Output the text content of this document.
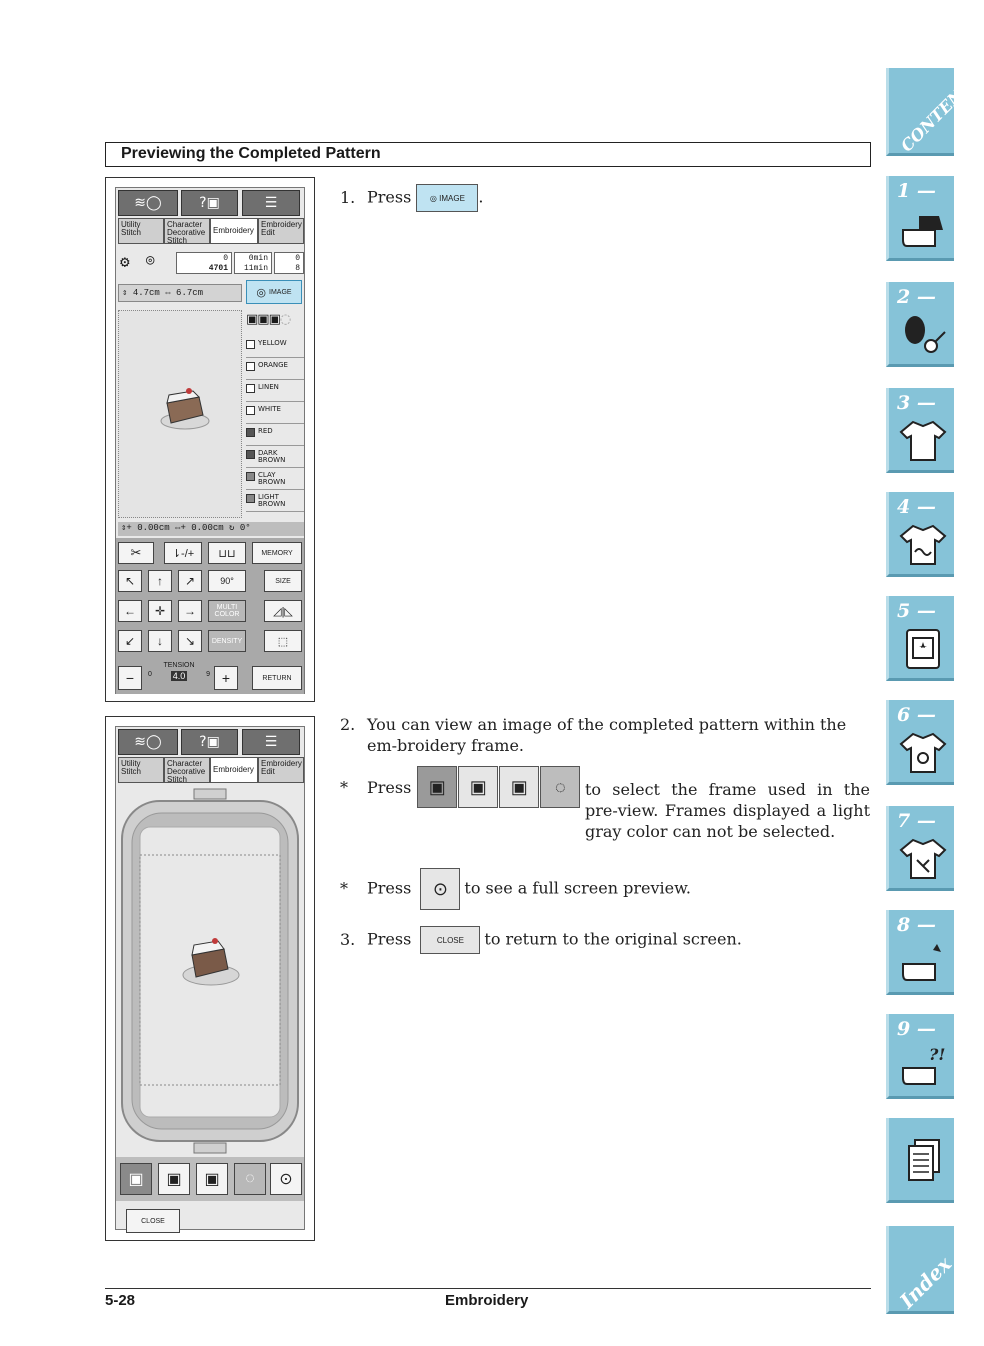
Previewing the Completed Pattern
≋◯	?▣	☰
Utility Stitch
Character Decorative Stitch
Embroidery
Embroidery Edit
⚙ ◎	0
4701
0min
11min
0
8
⇕ 4.7cm ⇔ 6.7cm	◎ IMAGE
▣▣▣◌
YELLOW
ORANGE
LINEN
WHITE
RED
DARK BROWN
CLAY BROWN
LIGHT BROWN
⇕+ 0.00cm ⇔+ 0.00cm ↻ 0°
✂	⇂-/+ ⊔⊔	MEMORY
↖ ↑ ↗	90°	SIZE
← ✛ →	MULTI COLOR	◿|◺
↙ ↓ ↘ DENSITY	⬚
−
TENSION
0 4.0	9 +	RETURN
≋◯	?▣	☰
Utility Stitch
Character Decorative Stitch
Embroidery
Embroidery Edit
▣ ▣ ▣ ◌ ⊙
CLOSE
1. Press ◎
IMAGE .
2. You can view an image of the completed pattern within the em-broidery frame.
*	Press ▣	▣	▣	◌	to select the frame used in the pre-view. Frames displayed a light gray color can not be selected.
* Press ⊙ to see a full screen preview.
3. Press	CLOSE to return to the original screen.
5-28	Embroidery
CONTENTS
1 —
2 —
3 —
4 —
5 —
6 —
7 —
8 —
9 —
?!
Index
